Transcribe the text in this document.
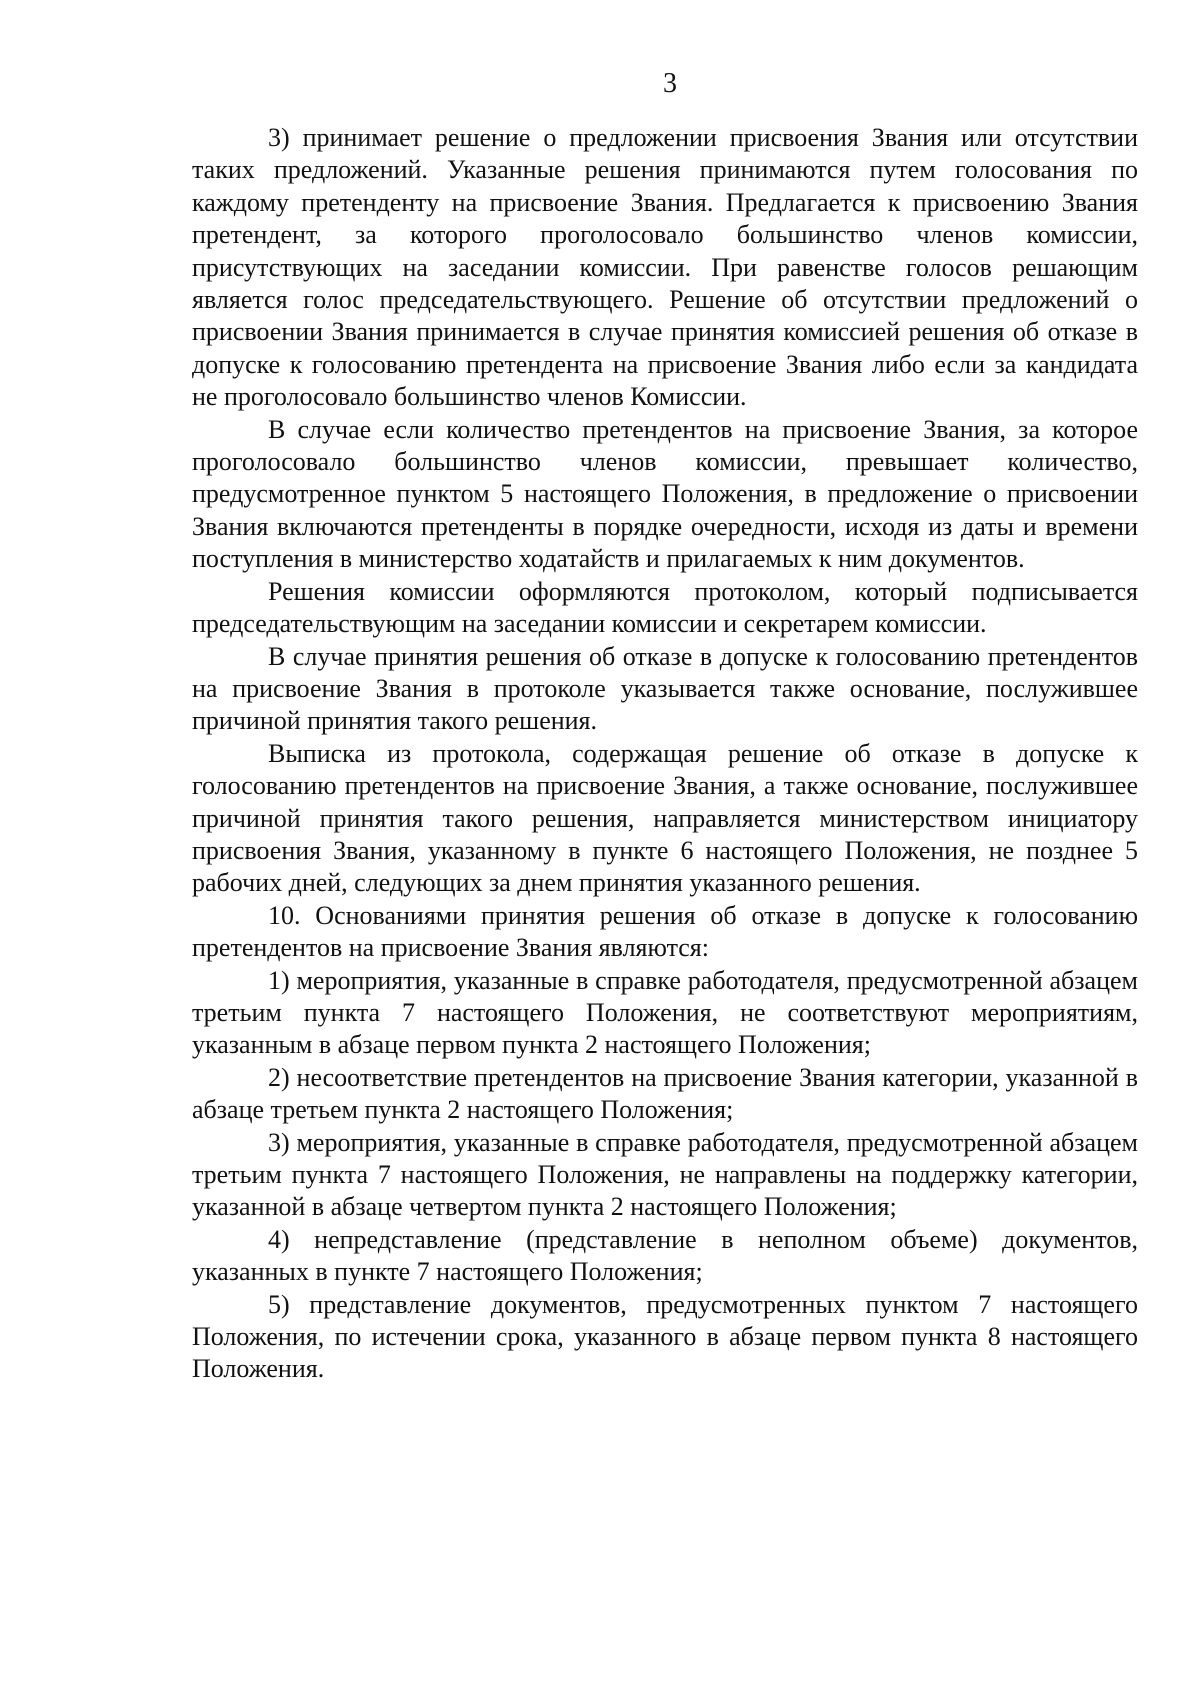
3

3) принимает решение о предложении присвоения Звания или отсутствии таких предложений. Указанные решения принимаются путем голосования по каждому претенденту на присвоение Звания. Предлагается к присвоению Звания претендент, за которого проголосовало большинство членов комиссии, присутствующих на заседании комиссии. При равенстве голосов решающим является голос председательствующего. Решение об отсутствии предложений о присвоении Звания принимается в случае принятия комиссией решения об отказе в допуске к голосованию претендента на присвоение Звания либо если за кандидата не проголосовало большинство членов Комиссии.

В случае если количество претендентов на присвоение Звания, за которое проголосовало большинство членов комиссии, превышает количество, предусмотренное пунктом 5 настоящего Положения, в предложение о присвоении Звания включаются претенденты в порядке очередности, исходя из даты и времени поступления в министерство ходатайств и прилагаемых к ним документов.

Решения комиссии оформляются протоколом, который подписывается председательствующим на заседании комиссии и секретарем комиссии.

В случае принятия решения об отказе в допуске к голосованию претендентов на присвоение Звания в протоколе указывается также основание, послужившее причиной принятия такого решения.

Выписка из протокола, содержащая решение об отказе в допуске к голосованию претендентов на присвоение Звания, а также основание, послужившее причиной принятия такого решения, направляется министерством инициатору присвоения Звания, указанному в пункте 6 настоящего Положения, не позднее 5 рабочих дней, следующих за днем принятия указанного решения.

10. Основаниями принятия решения об отказе в допуске к голосованию претендентов на присвоение Звания являются:

1) мероприятия, указанные в справке работодателя, предусмотренной абзацем третьим пункта 7 настоящего Положения, не соответствуют мероприятиям, указанным в абзаце первом пункта 2 настоящего Положения;

2) несоответствие претендентов на присвоение Звания категории, указанной в абзаце третьем пункта 2 настоящего Положения;

3) мероприятия, указанные в справке работодателя, предусмотренной абзацем третьим пункта 7 настоящего Положения, не направлены на поддержку категории, указанной в абзаце четвертом пункта 2 настоящего Положения;

4) непредставление (представление в неполном объеме) документов, указанных в пункте 7 настоящего Положения;

5) представление документов, предусмотренных пунктом 7 настоящего Положения, по истечении срока, указанного в абзаце первом пункта 8 настоящего Положения.
